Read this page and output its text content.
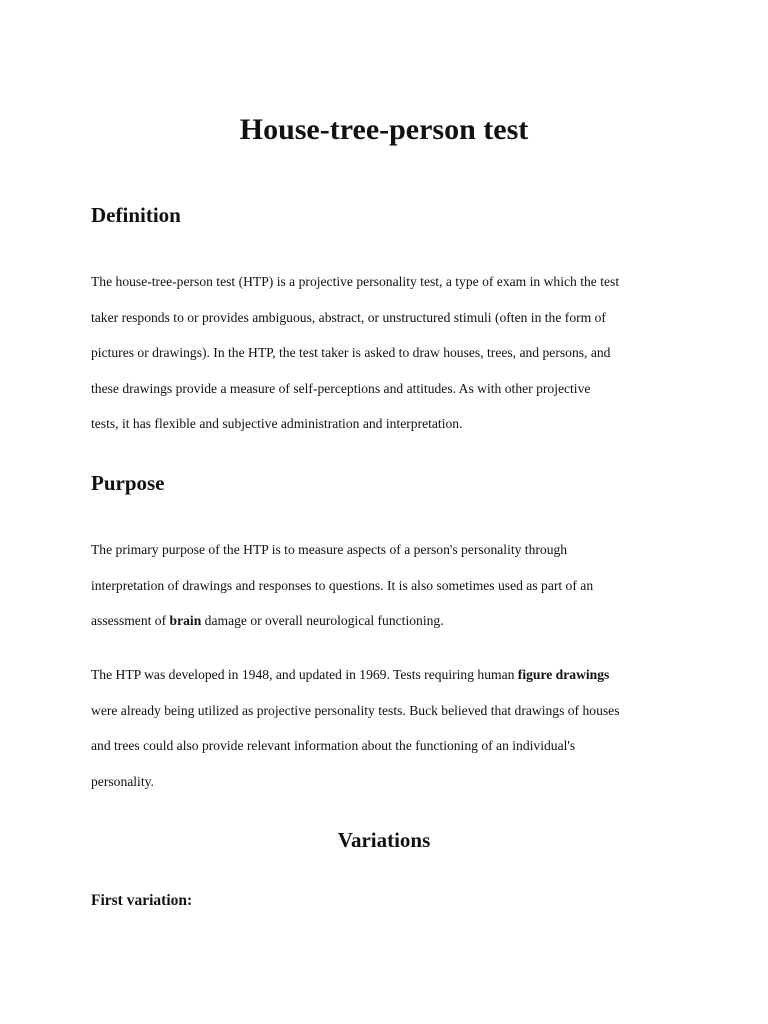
House-tree-person test
Definition

The house-tree-person test (HTP) is a projective personality test, a type of exam in which the test
taker responds to or provides ambiguous, abstract, or unstructured stimuli (often in the form of
pictures or drawings). In the HTP, the test taker is asked to draw houses, trees, and persons, and
these drawings provide a measure of self-perceptions and attitudes. As with other projective
tests, it has flexible and subjective administration and interpretation.

Purpose

The primary purpose of the HTP is to measure aspects of a person's personality through
interpretation of drawings and responses to questions. It is also sometimes used as part of an
assessment of brain damage or overall neurological functioning.

The HTP was developed in 1948, and updated in 1969. Tests requiring human figure drawings
were already being utilized as projective personality tests. Buck believed that drawings of houses
and trees could also provide relevant information about the functioning of an individual's
personality.

Variations
First variation:
